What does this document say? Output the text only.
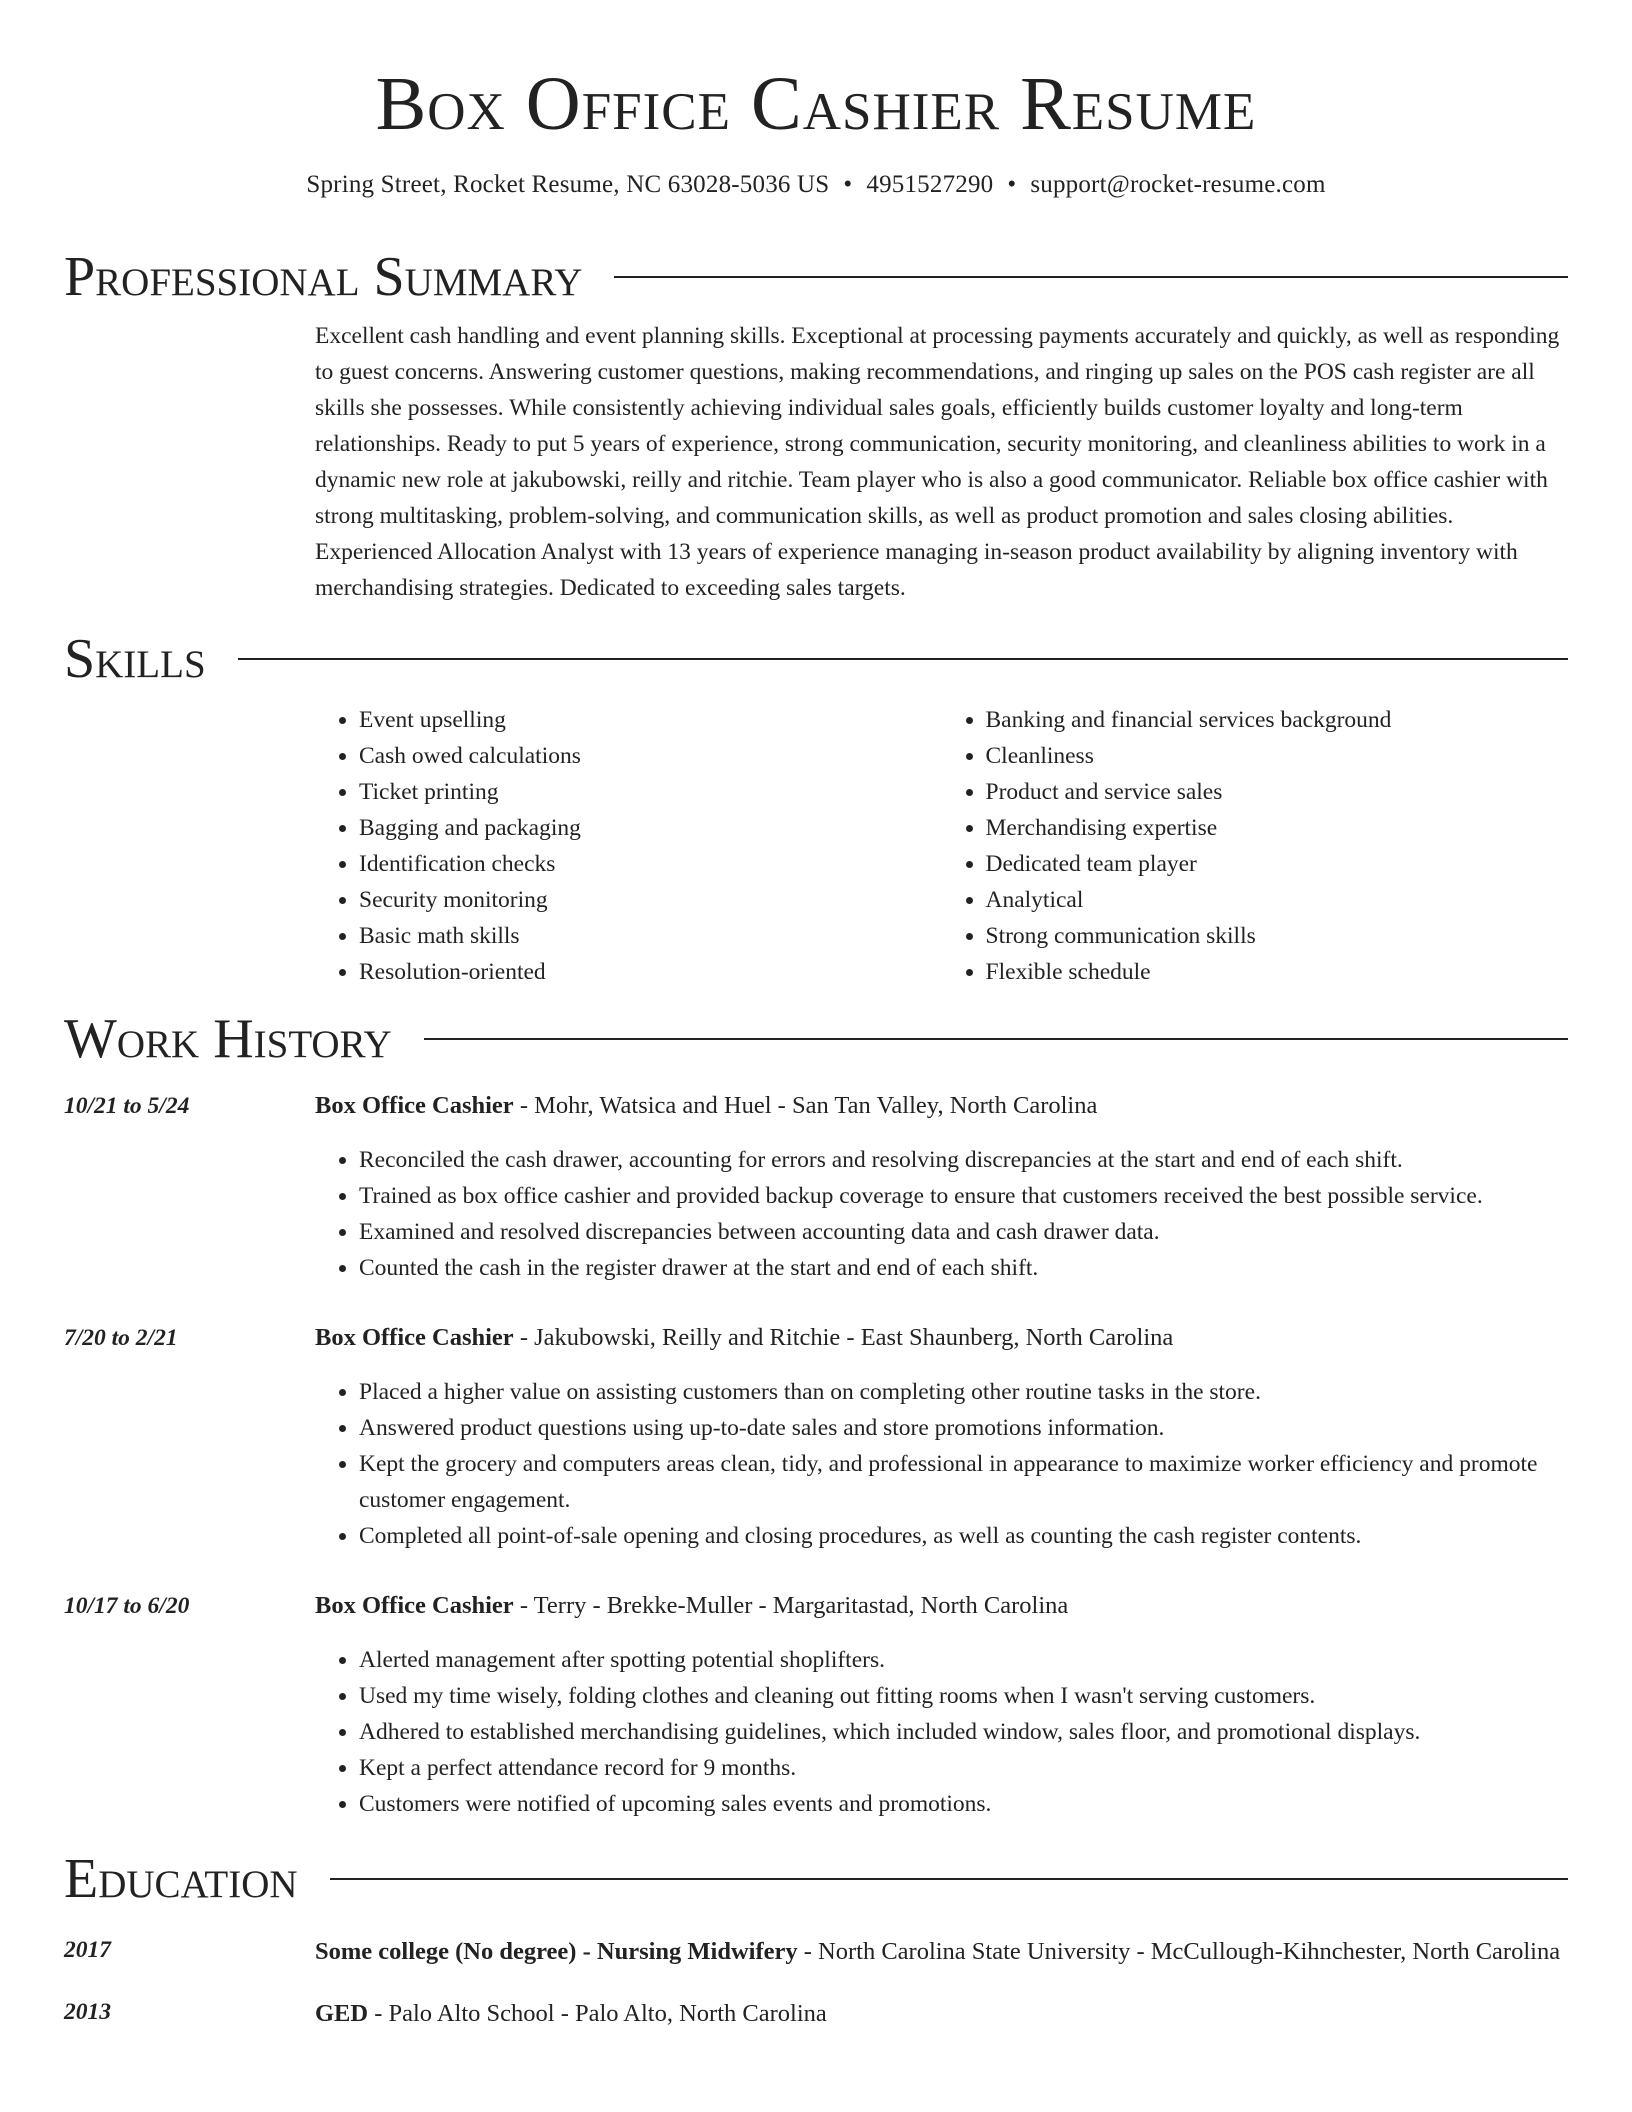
Box Office Cashier Resume
Spring Street, Rocket Resume, NC 63028-5036 US • 4951527290 • support@rocket-resume.com
Professional Summary
Excellent cash handling and event planning skills. Exceptional at processing payments accurately and quickly, as well as responding to guest concerns. Answering customer questions, making recommendations, and ringing up sales on the POS cash register are all skills she possesses. While consistently achieving individual sales goals, efficiently builds customer loyalty and long-term relationships. Ready to put 5 years of experience, strong communication, security monitoring, and cleanliness abilities to work in a dynamic new role at jakubowski, reilly and ritchie. Team player who is also a good communicator. Reliable box office cashier with strong multitasking, problem-solving, and communication skills, as well as product promotion and sales closing abilities. Experienced Allocation Analyst with 13 years of experience managing in-season product availability by aligning inventory with merchandising strategies. Dedicated to exceeding sales targets.
Skills
• Event upselling
• Cash owed calculations
• Ticket printing
• Bagging and packaging
• Identification checks
• Security monitoring
• Basic math skills
• Resolution-oriented
• Banking and financial services background
• Cleanliness
• Product and service sales
• Merchandising expertise
• Dedicated team player
• Analytical
• Strong communication skills
• Flexible schedule
Work History
10/21 to 5/24	Box Office Cashier - Mohr, Watsica and Huel - San Tan Valley, North Carolina
• Reconciled the cash drawer, accounting for errors and resolving discrepancies at the start and end of each shift.
• Trained as box office cashier and provided backup coverage to ensure that customers received the best possible service.
• Examined and resolved discrepancies between accounting data and cash drawer data.
• Counted the cash in the register drawer at the start and end of each shift.
7/20 to 2/21	Box Office Cashier - Jakubowski, Reilly and Ritchie - East Shaunberg, North Carolina
• Placed a higher value on assisting customers than on completing other routine tasks in the store.
• Answered product questions using up-to-date sales and store promotions information.
• Kept the grocery and computers areas clean, tidy, and professional in appearance to maximize worker efficiency and promote customer engagement.
• Completed all point-of-sale opening and closing procedures, as well as counting the cash register contents.
10/17 to 6/20	Box Office Cashier - Terry - Brekke-Muller - Margaritastad, North Carolina
• Alerted management after spotting potential shoplifters.
• Used my time wisely, folding clothes and cleaning out fitting rooms when I wasn't serving customers.
• Adhered to established merchandising guidelines, which included window, sales floor, and promotional displays.
• Kept a perfect attendance record for 9 months.
• Customers were notified of upcoming sales events and promotions.
Education
2017	Some college (No degree) - Nursing Midwifery - North Carolina State University - McCullough-Kihnchester, North Carolina
2013	GED - Palo Alto School - Palo Alto, North Carolina
